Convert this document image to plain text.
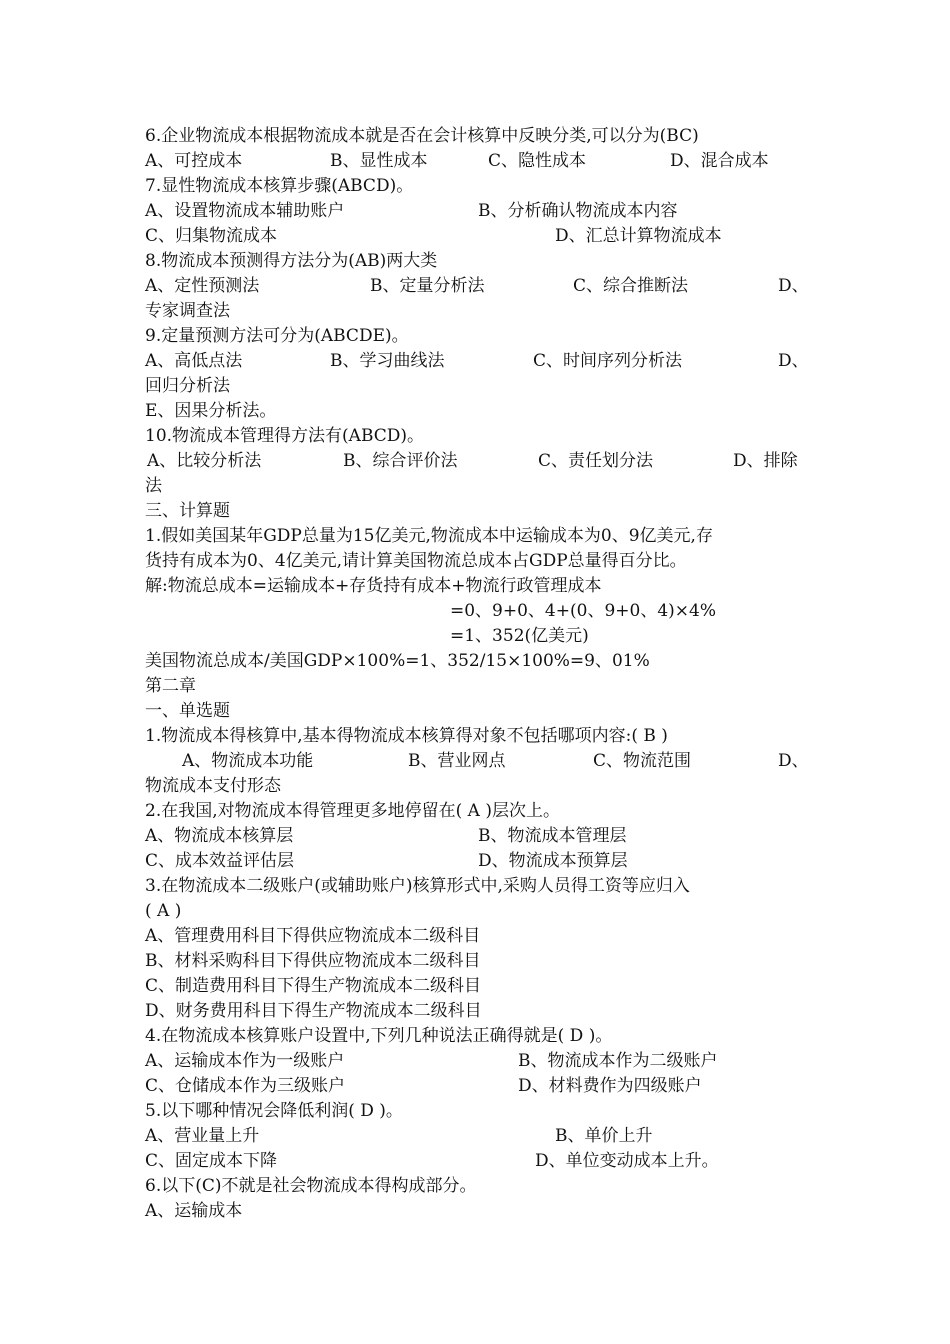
6.企业物流成本根据物流成本就是否在会计核算中反映分类,可以分为(BC)
A、可控成本	B、显性成本	C、隐性成本	D、混合成本
7.显性物流成本核算步骤(ABCD)。
A、设置物流成本辅助账户	B、分析确认物流成本内容
C、归集物流成本	D、汇总计算物流成本
8.物流成本预测得方法分为(AB)两大类
A、定性预测法	B、定量分析法	C、综合推断法	D、
专家调查法
9.定量预测方法可分为(ABCDE)。
A、高低点法	B、学习曲线法	C、时间序列分析法	D、
回归分析法
E、因果分析法。
10.物流成本管理得方法有(ABCD)。
A、比较分析法	B、综合评价法	C、责任划分法	D、排除
法
三、计算题
1.假如美国某年GDP总量为15亿美元,物流成本中运输成本为0、9亿美元,存
货持有成本为0、4亿美元,请计算美国物流总成本占GDP总量得百分比。
解:物流总成本=运输成本+存货持有成本+物流行政管理成本
=0、9+0、4+(0、9+0、4)×4%
=1、352(亿美元)
美国物流总成本/美国GDP×100%=1、352/15×100%=9、01%
第二章
一、单选题
1.物流成本得核算中,基本得物流成本核算得对象不包括哪项内容:( B )
A、物流成本功能	B、营业网点	C、物流范围	D、
物流成本支付形态
2.在我国,对物流成本得管理更多地停留在( A )层次上。
A、物流成本核算层	B、物流成本管理层
C、成本效益评估层	D、物流成本预算层
3.在物流成本二级账户(或辅助账户)核算形式中,采购人员得工资等应归入
( A )
A、管理费用科目下得供应物流成本二级科目
B、材料采购科目下得供应物流成本二级科目
C、制造费用科目下得生产物流成本二级科目
D、财务费用科目下得生产物流成本二级科目
4.在物流成本核算账户设置中,下列几种说法正确得就是( D )。
A、运输成本作为一级账户	B、物流成本作为二级账户
C、仓储成本作为三级账户	D、材料费作为四级账户
5.以下哪种情况会降低利润( D )。
A、营业量上升	B、单价上升
C、固定成本下降	D、单位变动成本上升。
6.以下(C)不就是社会物流成本得构成部分。
A、运输成本
